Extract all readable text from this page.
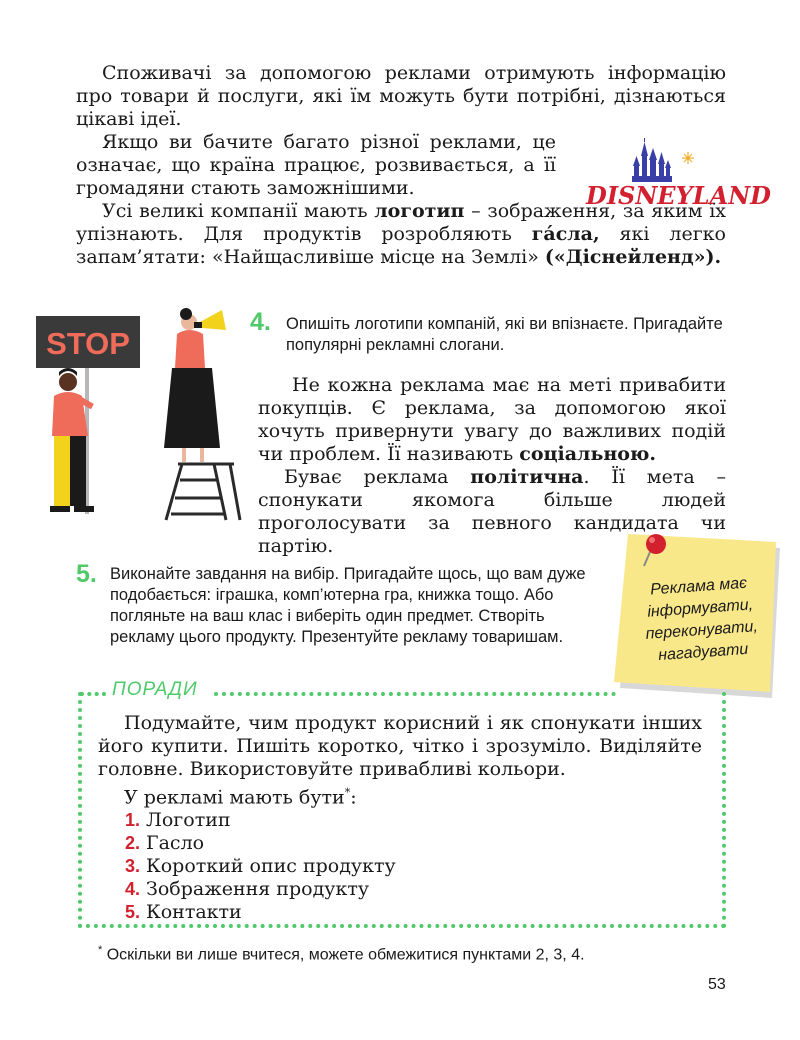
Споживачі за допомогою реклами отримують інформацію про товари й послуги, які їм можуть бути потрібні, дізнаються цікаві ідеї.

Якщо ви бачите багато різної реклами, це означає, що країна працює, розвивається, а її громадяни стають заможнішими.

Усі великі компанії мають логотип – зображення, за яким їх упізнають. Для продуктів розробляють гáсла, які легко запам’ятати: «Найщасливіше місце на Землі» («Діснейленд»).

DISNEYLAND
STOP
4. Опишіть логотипи компаній, які ви впізнаєте. Пригадайте популярні рекламні слогани.

Не кожна реклама має на меті привабити покупців. Є реклама, за допомогою якої хочуть привернути увагу до важливих подій чи проблем. Її називають соціальною.

Буває реклама політична. Її мета – спонукати якомога більше людей проголосувати за певного кандидата чи партію.

5. Виконайте завдання на вибір. Пригадайте щось, що вам дуже подобається: іграшка, комп’ютерна гра, книжка тощо. Або погляньте на ваш клас і виберіть один предмет. Створіть рекламу цього продукту. Презентуйте рекламу товаришам.
Реклама має
інформувати,
переконувати,
нагадувати
ПОРАДИ

Подумайте, чим продукт корисний і як спонукати інших його купити. Пишіть коротко, чітко і зрозуміло. Виділяйте головне. Використовуйте привабливі кольори.

У рекламі мають бути*:

1. Логотип
2. Гасло
3. Короткий опис продукту
4. Зображення продукту
5. Контакти
* Оскільки ви лише вчитеся, можете обмежитися пунктами 2, 3, 4.
53
